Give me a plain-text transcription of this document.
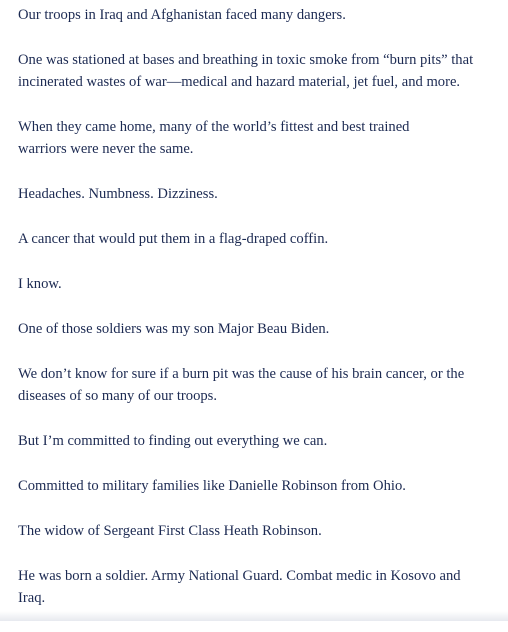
Our troops in Iraq and Afghanistan faced many dangers.

One was stationed at bases and breathing in toxic smoke from “burn pits” that
incinerated wastes of war—medical and hazard material, jet fuel, and more.

When they came home, many of the world’s fittest and best trained
warriors were never the same.

Headaches. Numbness. Dizziness.

A cancer that would put them in a flag-draped coffin.

I know.

One of those soldiers was my son Major Beau Biden.

We don’t know for sure if a burn pit was the cause of his brain cancer, or the
diseases of so many of our troops.

But I’m committed to finding out everything we can.

Committed to military families like Danielle Robinson from Ohio.

The widow of Sergeant First Class Heath Robinson.

He was born a soldier. Army National Guard. Combat medic in Kosovo and
Iraq.
